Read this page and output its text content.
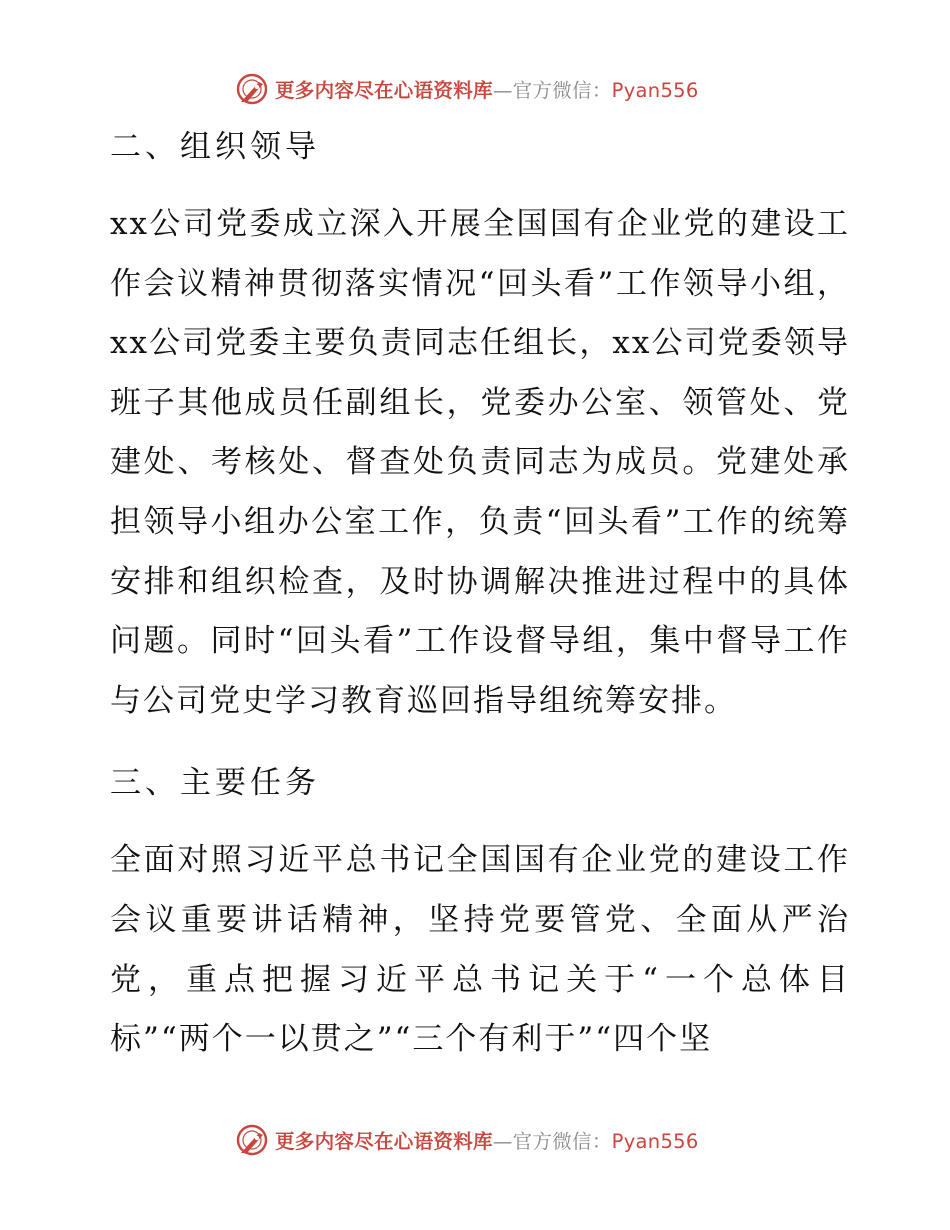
更多内容尽在心语资料库—官方微信：Pyan556
二、组织领导

xx公司党委成立深入开展全国国有企业党的建设工作会议精神贯彻落实情况“回头看”工作领导小组，xx公司党委主要负责同志任组长，xx公司党委领导班子其他成员任副组长，党委办公室、领管处、党建处、考核处、督查处负责同志为成员。党建处承担领导小组办公室工作，负责“回头看”工作的统筹安排和组织检查，及时协调解决推进过程中的具体问题。同时“回头看”工作设督导组，集中督导工作与公司党史学习教育巡回指导组统筹安排。

三、主要任务

全面对照习近平总书记全国国有企业党的建设工作会议重要讲话精神，坚持党要管党、全面从严治党，重点把握习近平总书记关于“一个总体目标”“两个一以贯之”“三个有利于”“四个坚

更多内容尽在心语资料库—官方微信：Pyan556
